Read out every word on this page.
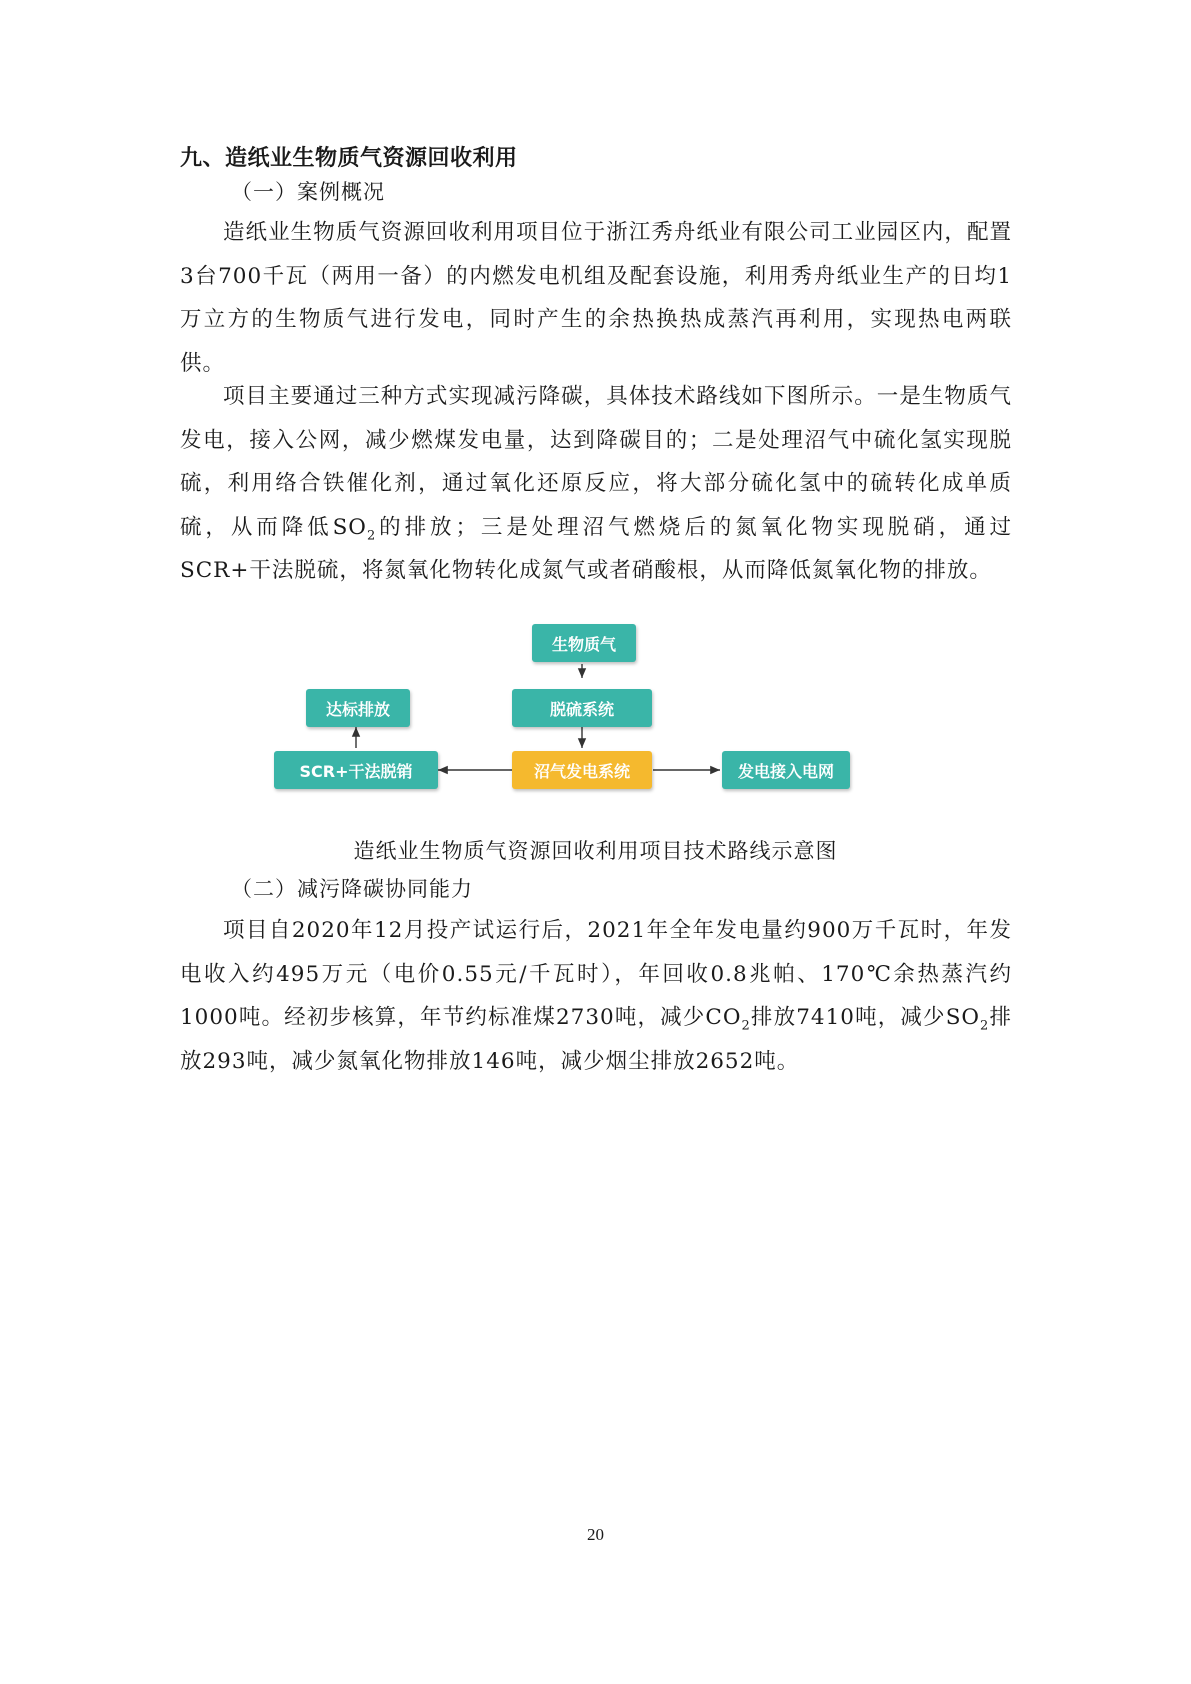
九、造纸业生物质气资源回收利用
（一）案例概况
造纸业生物质气资源回收利用项目位于浙江秀舟纸业有限公司工业园区内，配置3台700千瓦（两用一备）的内燃发电机组及配套设施，利用秀舟纸业生产的日均1万立方的生物质气进行发电，同时产生的余热换热成蒸汽再利用，实现热电两联供。
项目主要通过三种方式实现减污降碳，具体技术路线如下图所示。一是生物质气发电，接入公网，减少燃煤发电量，达到降碳目的；二是处理沼气中硫化氢实现脱硫，利用络合铁催化剂，通过氧化还原反应，将大部分硫化氢中的硫转化成单质硫，从而降低$SO_2$的排放；三是处理沼气燃烧后的氮氧化物实现脱硝，通过SCR+干法脱硫，将氮氧化物转化成氮气或者硝酸根，从而降低氮氧化物的排放。
生物质气
脱硫系统
沼气发电系统	发电接入电网
SCR+干法脱销
达标排放
造纸业生物质气资源回收利用项目技术路线示意图
（二）减污降碳协同能力
项目自2020年12月投产试运行后，2021年全年发电量约900万千瓦时，年发电收入约495万元（电价0.55元/千瓦时），年回收0.8兆帕、170℃余热蒸汽约1000吨。经初步核算，年节约标准煤2730吨，减少$CO_2$排放7410吨，减少$SO_2$排放293吨，减少氮氧化物排放146吨，减少烟尘排放2652吨。
20
